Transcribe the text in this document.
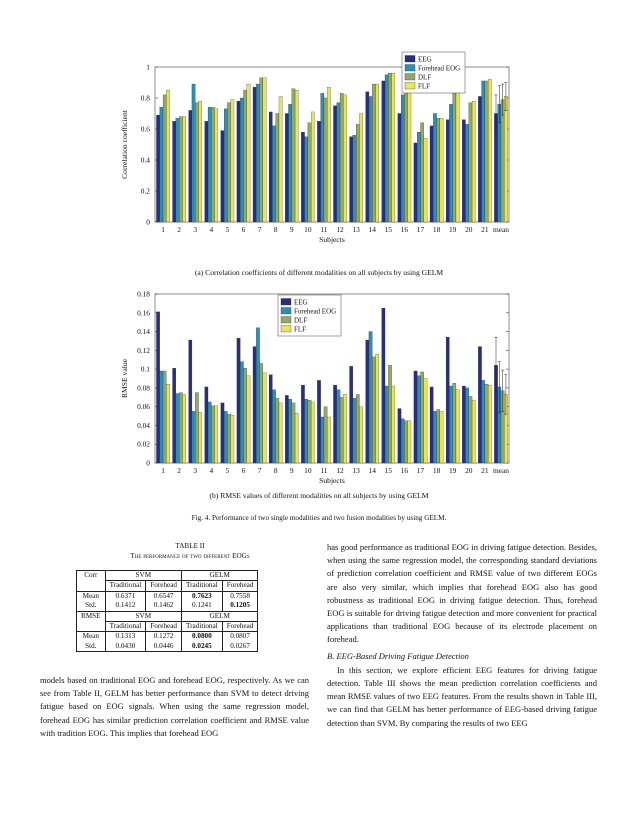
0
0.2
0.4
0.6
0.8
1
1 2 3 4 5 6 7 8 9 10 11 12 13 14 15 16 17 18 19 20 21 mean
Subjects
Correlation coefficient
EEG
Forehead EOG
DLF
FLF
(a) Correlation coefficients of different modalities on all subjects by using GELM
0
0.02
0.04
0.06
0.08
0.1
0.12
0.14
0.16
0.18
1 2 3 4 5 6 7 8 9 10 11 12 13 14 15 16 17 18 19 20 21 mean
Subjects
RMSE value
EEG
Forehead EOG
DLF
FLF
(b) RMSE values of different modalities on all subjects by using GELM
Fig. 4. Performance of two single modalities and two fusion modalities by using GELM.
TABLE II
The performance of two different EOGs
Corr	SVM		GELM	
	Traditional	Forehead	Traditional	Forehead
Mean	0.6371	0.6547	0.7623	0.7558
Std.	0.1412	0.1462	0.1241	0.1205
RMSE	SVM		GELM	
	Traditional	Forehead	Traditional	Forehead
Mean	0.1313	0.1272	0.0800	0.0807
Std.	0.0430	0.0446	0.0245	0.0267

models based on traditional EOG and forehead EOG, respectively. As we can see from Table II, GELM has better performance than SVM to detect driving fatigue based on EOG signals. When using the same regression model, forehead EOG has similar prediction correlation coefficient and RMSE value with tradition EOG. This implies that forehead EOG

has good performance as traditional EOG in driving fatigue detection. Besides, when using the same regression model, the corresponding standard deviations of prediction correlation coefficient and RMSE value of two different EOGs are also very similar, which implies that forehead EOG also has good robustness as traditional EOG in driving fatigue detection. Thus, forehead EOG is suitable for driving fatigue detection and more convenient for practical applications than traditional EOG because of its electrode placement on forehead.

B. EEG-Based Driving Fatigue Detection

In this section, we explore efficient EEG features for driving fatigue detection. Table III shows the mean prediction correlation coefficients and mean RMSE values of two EEG features. From the results shown in Table III, we can find that GELM has better performance of EEG-based driving fatigue detection than SVM. By comparing the results of two EEG
